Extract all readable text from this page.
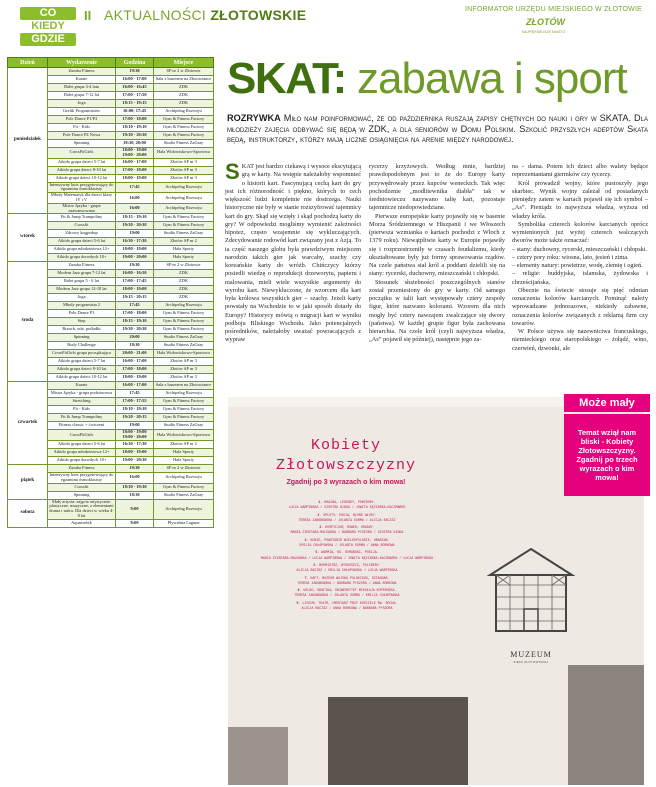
CO
KIEDY
GDZIE
II AKTUALNOŚCI ZŁOTOWSKIE	INFORMATOR URZĘDU MIEJSKIEGO W ZŁOTOWIE
ZŁOTÓW
NAJPIĘKNIEJSZE MIASTO
Dzień	Wydarzenie	Godzina	Miejsce
poniedziałek	Zumba Fitness	19:30	SP nr 2 w Złotowie
	Karate	16:00 - 17:00	Sala z basenem na Złotowiance
	Balet grupa 3-4 lata	16:00 - 16:45	ZDK
	Balet grupa 7-12 lat	17:00 - 17:50	ZDK
	Joga	18:15 - 19:15	ZDK
	Grafik Programistów	16:00; 17:45	Archipelag Rozwoju
	Pole Dance P1/P2	17:00 - 18:00	Gym & Fitness Factory
	Fit - Kids	18:10 - 19:10	Gym & Fitness Factory
	Pole Dance P4 Nowa	19:30 - 20:30	Gym & Fitness Factory
	Spinning	18:30, 20:00	Studio Fitness ZaGray
	CrossFitGirls	18:00 - 19:00 19:00 - 20:00	Hala Widowiskowo-Sportowa
	Aikido grupa dzieci 5-7 lat	16:00 - 17:00	Złotów SP nr 3
	Aikido grupa dzieci 8-10 lat	17:00 - 18:00	Złotów SP nr 3
	Aikido grupa dzieci 10-12 lat	18:00 - 19:00	Złotów SP nr 3
	Intensywny kurs przygotowujący do egzaminu ósmoklasisty	17:45	Archipelag Rozwoju
	Młody Matematyk dla dzieci klasy IV i V	16:00	Archipelag Rozwoju
	Mistrz Języka - grupa zaawansowana	16:00	Archipelag Rozwoju
wtorek	Fit & Jump Trampoliny	18:15 - 19:10	Gym & Fitness Factory
	Crossfit	19:30 - 20:30	Gym & Fitness Factory
	Zdrowy kręgosłup	19:00	Studio Fitness ZaGray
	Aikido grupa dzieci 5-6 lat	16:30 - 17:30	Złotów SP nr 2
	Aikido grupa młodzieżowa 12+	18:00 - 19:00	Hala Sporty
	Aikido grupa dorosłych 18+	19:00 - 20:00	Hala Sporty
środa	Zumba Fitness	19:30	SP nr 2 w Złotowie
	Modern Jazz grupa 7-12 lat	16:00 - 16:50	ZDK
	Balet grupa 5 - 6 lat	17:00 - 17:45	ZDK
	Modern Jazz grupa 12-18 lat	18:00 - 19:00	ZDK
	Joga	19:15 - 20:15	ZDK
	Młody programista 2	17:45	Archipelag Rozwoju
	Pole Dance P3	17:00 - 18:00	Gym & Fitness Factory
	Step	18:15 - 19:10	Gym & Fitness Factory
	Brzuch, uda, pośladki	19:30 - 20:30	Gym & Fitness Factory
	Spinning	20:00	Studio Fitness ZaGray
	Body Challenge	18:30	Studio Fitness ZaGray
	CrossFitGirls grupa początkująca	20:00 - 21:00	Hala Widowiskowo-Sportowa
	Aikido grupa dzieci 5-7 lat	16:00 - 17:00	Złotów SP nr 3
	Aikido grupa dzieci 8-10 lat	17:00 - 18:00	Złotów SP nr 3
	Aikido grupa dzieci 10-12 lat	18:00 - 19:00	Złotów SP nr 3
czwartek	Karate	16:00 - 17:00	Sala z basenem na Złotowiance
	Mistrz Języka - grupa podstawowa	17:45	Archipelag Rozwoju
	Stretching	17:00 - 17:55	Gym & Fitness Factory
	Fit - Kids	18:10 - 19:10	Gym & Fitness Factory
	Fit & Jump Trampoliny	19:20 - 20:15	Gym & Fitness Factory
	Fitness classic + ćwiczeni	19:00	Studio Fitness ZaGray
	CrossFitGirls	18:00 - 19:00 19:00 - 20:00	Hala Widowiskowo-Sportowa
	Aikido grupa dzieci 5-6 lat	16:30 - 17:30	Złotów SP nr 2
	Aikido grupa młodzieżowa 12+	18:00 - 19:00	Hala Sporty
	Aikido grupa dorosłych 18+	19:00 - 20:30	Hala Sporty
piątek	Zumba Fitness	19:30	SP nr 2 w Złotowie
	Intensywny kurs przygotowujący do egzaminu ósmoklasisty	16:00	Archipelag Rozwoju
	Crossfit	18:30 - 19:30	Gym & Fitness Factory
	Spinning	18:30	Studio Fitness ZaGray
sobota	Mały artysta: zajęcia artystyczne: plastyczne, muzyczne, z elementami drama i tańca. Dla dzieci w wieku 4-8 lat	9:00	Archipelag Rozwoju
	Aquaerobik	8:00	Pływalnia Laguna
SKAT: zabawa i sport
ROZRYWKA Miło nam poinformować, że od października ruszają zapisy chętnych do nauki i gry w SKATA. Dla młodzieży zajęcia odbywać się będą w ZDK, a dla seniorów w Domu Polskim. Szkolić przyszłych adeptów Skata będą, instruktorzy, którzy mają liczne osiągnięcia na arenie między narodowej.
S KAT jest bardzo ciekawą i wysoce ekscytującą grą w karty. Na wstępie należałoby wspomnieć o historii kart. Fascynującą cechą kart do gry jest ich różnorodność i piękno, których to cech większość ludzi kompletnie nie dostrzega. Nauki historyczne nie były w stanie rozszyfrować tajemnicy kart do gry. Skąd się wzięły i skąd pochodzą karty do gry? W odpowiedzi mogliśmy wymienić zależności hipotez, często wzajemnie się wykluczających. Zdecydowanie rodowód kart związany jest z Azją. To ta część naszego globu była prawdziwym miejscem narodzin takich gier jak warcaby, szachy czy koreańskie karty do wróżb. Chińczycy którzy posiedli wiedzę o reprodukcji drzeworytu, papieru i malowania, mieli wiele wszystkie argumenty do wyrobu kart. Niewykluczone, że wzorcem dla kart była królowa wszystkich gier – szachy. Jeżeli karty powstały na Wschodzie to w jaki sposób dotarły do Europy? Historycy mówią o migracji kart w wyniku podboju Bliskiego Wschodu. Jako potencjalnych pośredników, należałoby uważać powracających z wypraw

rycerzy krzyżowych. Według mnie, bardziej prawdopodobnym jest to że do Europy karty przywędrowały przez kupców weneckich. Tak więc pochodzenie „modlitewnika diabła” tak w średniowieczu nazywano talię kart, pozostaje tajemnicze niedopowiedziane.

Pierwsze europejskie karty pojawiły się w basenie Morza Śródziemnego w Hiszpanii i we Włoszech (pierwsza wzmianka o kartach pochodzi z Włoch z 1379 roku). Niewątpliwie karty w Europie pojawiły się i rozprzestrzeniły w czasach feudalizmu, kiedy ukształtowane były już formy sprawowania rządów. Na czele państwa stał król a poddani dzielili się na stany: rycerski, duchowny, mieszczański i chłopski.

Stosunek służebności poszczególnych stanów został przeniesiony do gry w karty. Od samego początku w talii kart występowały cztery zespoły figur, które nazwano kolorami. Wzorem dla nich mogły być cztery nawzajem zwalczające się dwory (państwa). W każdej grupie figur była zachowana hierarchia. Na czele król (czyli najwyższa władza, „As” pojawił się później), następnie jego za-

na – dama. Potem ich dzieci albo walety będące reprezentantami giermków czy rycerzy.

Król prowadził wojny, które pustoszyły jego skarbiec. Wynik wojny zależał od posiadanych pieniędzy zatem w kartach pojawił się ich symbol – „As”. Pieniądz to najwyższa władza, wyższa od władzy króla.

Symbolika czterech kolorów karcianych oprócz wymienionych już wyżej czterech walczących dworów może także oznaczać:

– stany: duchowny, rycerski, mieszczański i chłopski.

– cztery pory roku: wiosna, lato, jesień i zima.

– elementy natury: powietrze, wodę, ziemię i ogień.

– religie: buddyjska, islamska, żydowska i chrześcijańska.

Obecnie na świecie stosuje się pięć odmian oznaczenia kolorów karcianych. Pominąć należy wprowadzane jednorazowe, niekiedy zabawne, oznaczenia kolorów związanych z reklamą firm czy towarów.

W Polsce używa się nazewnictwa francuskiego, niemieckiego oraz staropolskiego – żołądź, wino, czerwień, dzwonki, ale

Kobiety
Złotowszczyzny
Zgadnij po 3 wyrazach o kim mowa!
1. KRAJNA, LEGENDY, POMIDORY.
LUCJA WARPIŃSKA / SIOSTRA KINGA / JOWITA KĘCIŃSKA-KACZMAREK
2. SPLOTY, PASJA, BLOND WŁOSY.
TERESA JAKUBOWSKA / JOLANTA SURMA / ALICJA RACISZ
3. HOSPICJUM, ROWER, ORGANY.
MARIA ZIENTARA-MALEWSKA / BARBARA PYSZORA / SIOSTRA KINGA
4. KONIE, POWSTANIE WIELKOPOLSKIE, HRABINA.
EMILIA CHŁAPOWSKA / JOLANTA SURMA / ANNA BORKOWA
5. WARMIA, KS. DOMAŃSKI, POEZJA.
MARIA ZIENTARA-MALEWSKA / LUCJA WARPIŃSKA / JOWITA KĘCIŃSKA-KACZMAREK / LUCJA WARPIŃSKA
6. BURMISTRZ, BYDGOSZCZ, POLIBERY.
ALICJA RACISZ / EMILIA CHŁAPOWSKA / LUCJA WARPIŃSKA
7. HAFT, MUZEUM WOJSKA POLSKIEGO, SZTANDAR.
TERESA JAKUBOWSKA / BARBARA PYSZORA / ANNA BORKOWA
8. WILNO, GRAFIKA, UNIWERSYTET MIKOŁAJA KOPERNIKA.
TERESA JAKUBOWSKA / JOLANTA SURMA / EMILIA CHŁAPOWSKA
9. LICEUM, TEATR, CMENTARZ PRZY KOŚCIELE ŚW. ROCHA.
ALICJA RACISZ / ANNA BORKOWA / BARBARA PYSZORA
MUZEUM
ZIEMI ZŁOTOWSKIEJ
Może mały
Temat wziął nam bliski - Kobiety Złotowszczyzny. Zgadnij po trzech wyrazach o kim mowa!
